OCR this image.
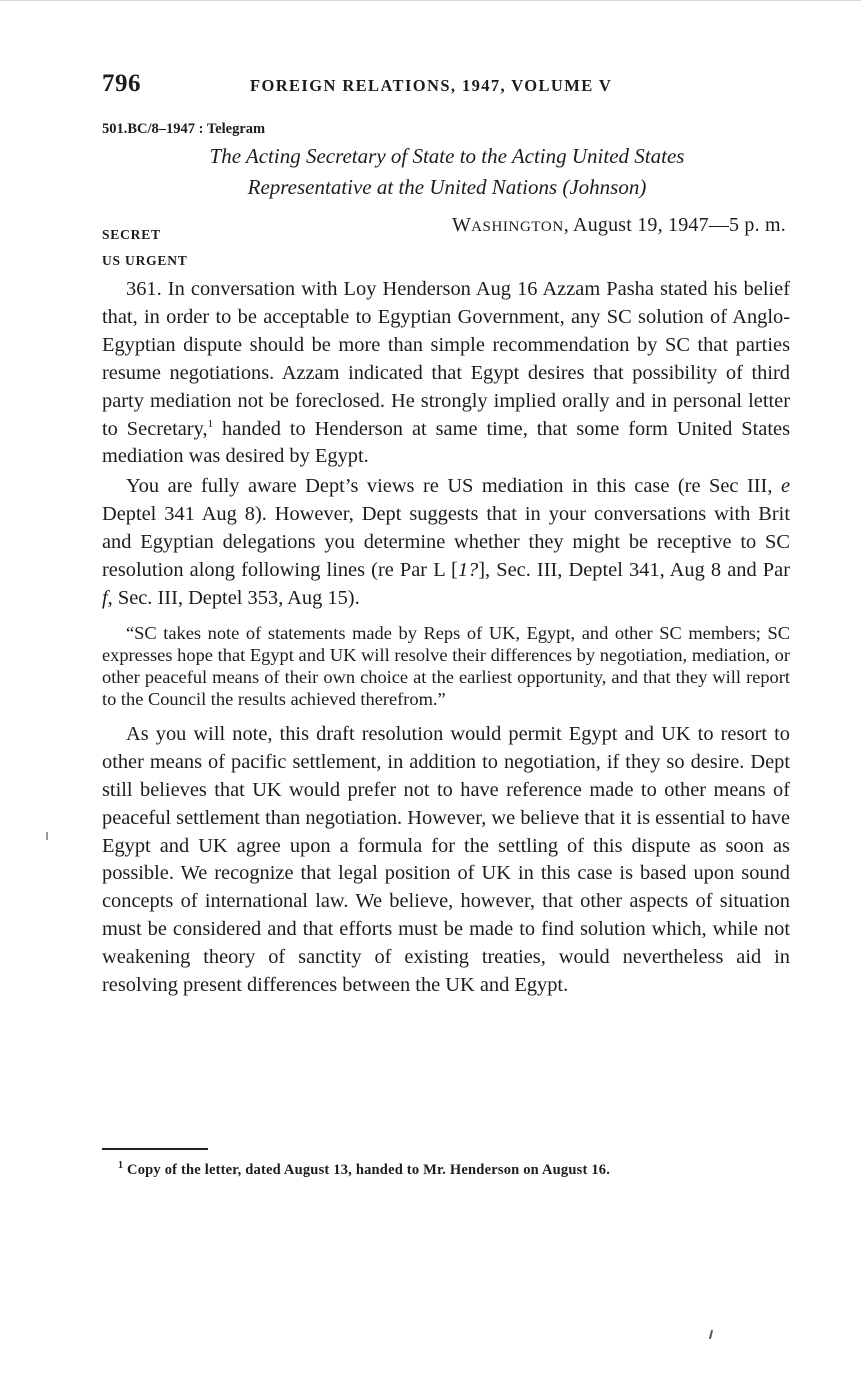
796	FOREIGN RELATIONS, 1947, VOLUME V
501.BC/8–1947 : Telegram
The Acting Secretary of State to the Acting United States
Representative at the United Nations (Johnson)
SECRET
US URGENT
WASHINGTON, August 19, 1947—5 p. m.

361. In conversation with Loy Henderson Aug 16 Azzam Pasha stated his belief that, in order to be acceptable to Egyptian Government, any SC solution of Anglo-Egyptian dispute should be more than simple recommendation by SC that parties resume negotiations. Azzam indicated that Egypt desires that possibility of third party mediation not be foreclosed. He strongly implied orally and in personal letter to Secretary,$^1$ handed to Henderson at same time, that some form United States mediation was desired by Egypt.

You are fully aware Dept’s views re US mediation in this case (re Sec III, e Deptel 341 Aug 8). However, Dept suggests that in your conversations with Brit and Egyptian delegations you determine whether they might be receptive to SC resolution along following lines (re Par L [1?], Sec. III, Deptel 341, Aug 8 and Par f, Sec. III, Deptel 353, Aug 15).

“SC takes note of statements made by Reps of UK, Egypt, and other SC members; SC expresses hope that Egypt and UK will resolve their differences by negotiation, mediation, or other peaceful means of their own choice at the earliest opportunity, and that they will report to the Council the results achieved therefrom.”

As you will note, this draft resolution would permit Egypt and UK to resort to other means of pacific settlement, in addition to negotiation, if they so desire. Dept still believes that UK would prefer not to have reference made to other means of peaceful settlement than negotiation. However, we believe that it is essential to have Egypt and UK agree upon a formula for the settling of this dispute as soon as possible. We recognize that legal position of UK in this case is based upon sound concepts of international law. We believe, however, that other aspects of situation must be considered and that efforts must be made to find solution which, while not weakening theory of sanctity of existing treaties, would nevertheless aid in resolving present differences between the UK and Egypt.

$^1$ Copy of the letter, dated August 13, handed to Mr. Henderson on August 16.
